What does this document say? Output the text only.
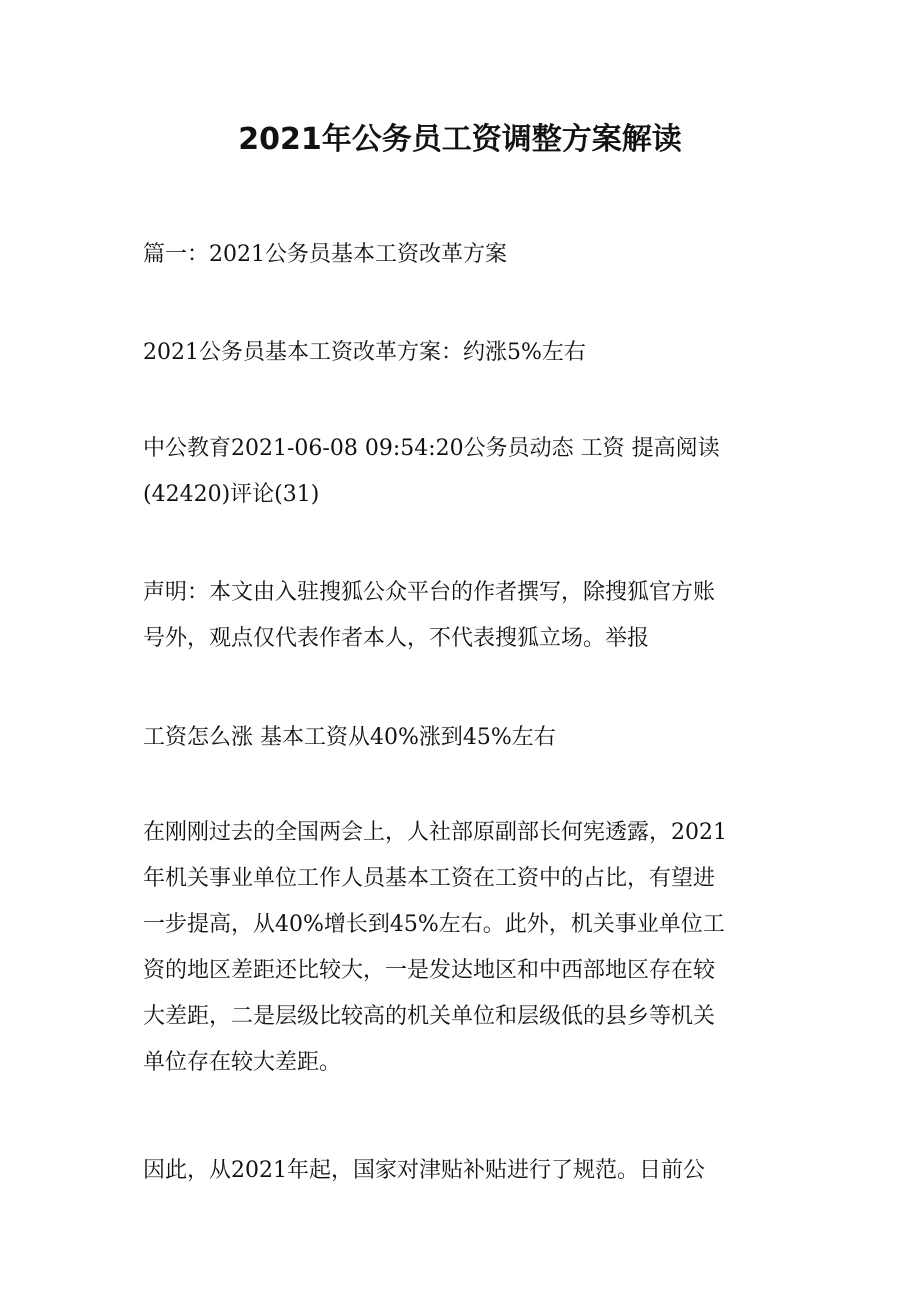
2021年公务员工资调整方案解读

篇一：2021公务员基本工资改革方案

2021公务员基本工资改革方案：约涨5%左右

中公教育2021-06-08 09:54:20公务员动态 工资 提高阅读
(42420)评论(31)

声明：本文由入驻搜狐公众平台的作者撰写，除搜狐官方账
号外，观点仅代表作者本人，不代表搜狐立场。举报

工资怎么涨 基本工资从40%涨到45%左右

在刚刚过去的全国两会上，人社部原副部长何宪透露，2021
年机关事业单位工作人员基本工资在工资中的占比，有望进
一步提高，从40%增长到45%左右。此外，机关事业单位工
资的地区差距还比较大，一是发达地区和中西部地区存在较
大差距，二是层级比较高的机关单位和层级低的县乡等机关
单位存在较大差距。

因此，从2021年起，国家对津贴补贴进行了规范。日前公
